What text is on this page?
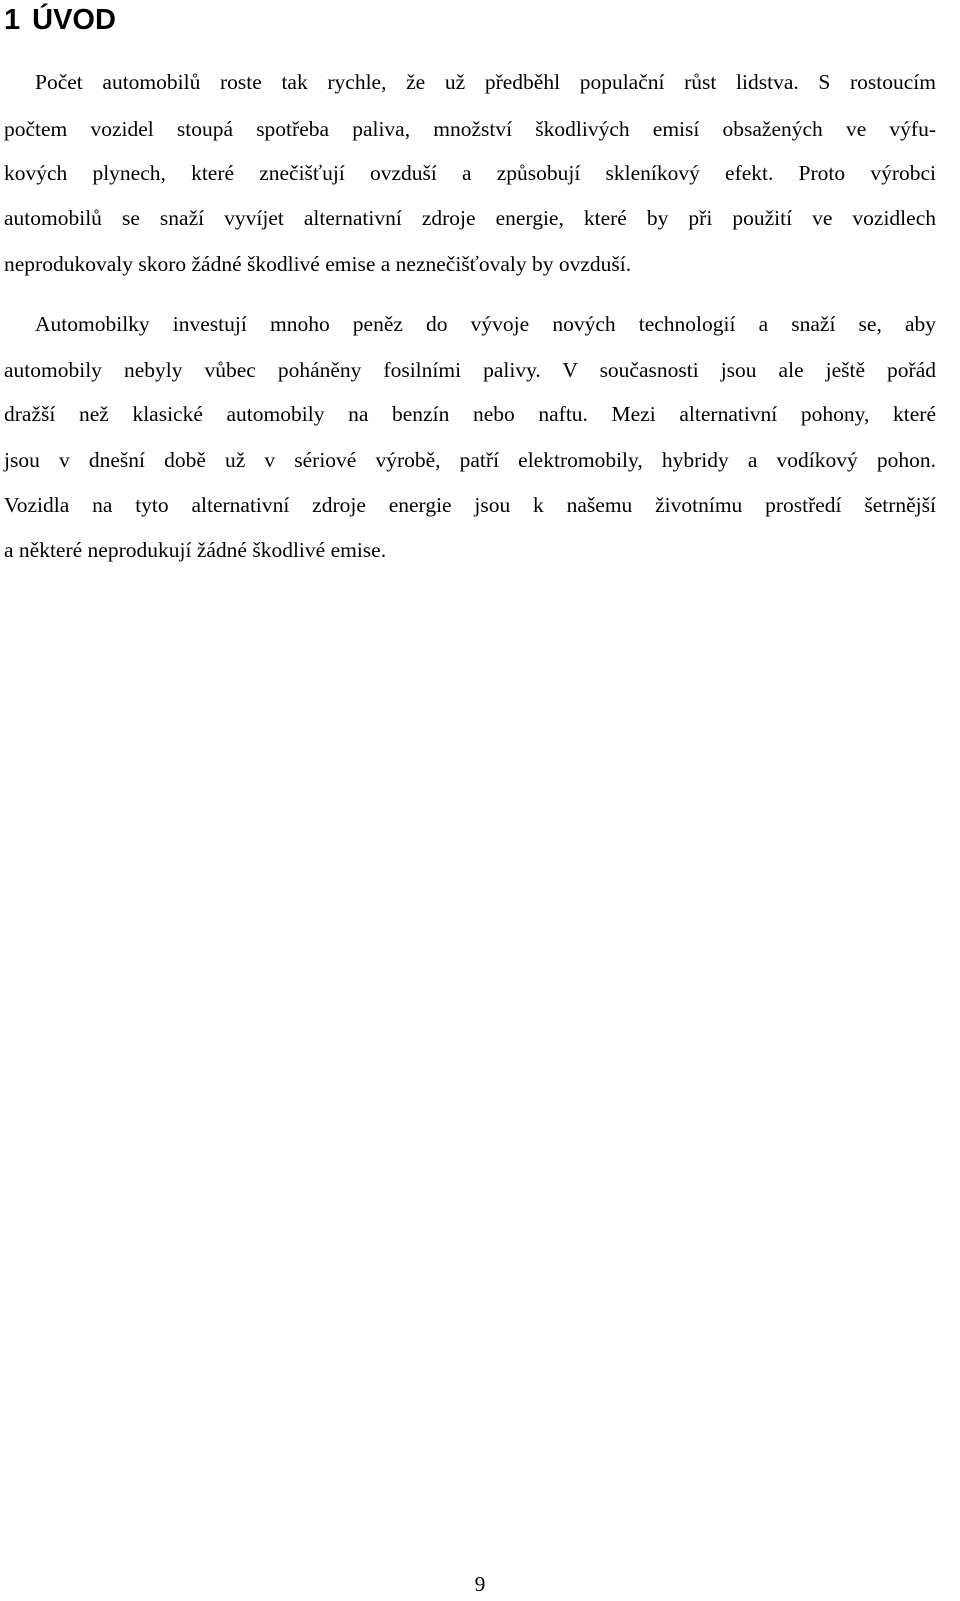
1 ÚVOD

Počet automobilů roste tak rychle, že už předběhl populační růst lidstva. S rostoucím

počtem vozidel stoupá spotřeba paliva, množství škodlivých emisí obsažených ve výfu-

kových plynech, které znečišťují ovzduší a způsobují skleníkový efekt. Proto výrobci

automobilů se snaží vyvíjet alternativní zdroje energie, které by při použití ve vozidlech

neprodukovaly skoro žádné škodlivé emise a neznečišťovaly by ovzduší.

Automobilky investují mnoho peněz do vývoje nových technologií a snaží se, aby

automobily nebyly vůbec poháněny fosilními palivy. V současnosti jsou ale ještě pořád

dražší než klasické automobily na benzín nebo naftu. Mezi alternativní pohony, které

jsou v dnešní době už v sériové výrobě, patří elektromobily, hybridy a vodíkový pohon.

Vozidla na tyto alternativní zdroje energie jsou k našemu životnímu prostředí šetrnější

a některé neprodukují žádné škodlivé emise.

9
